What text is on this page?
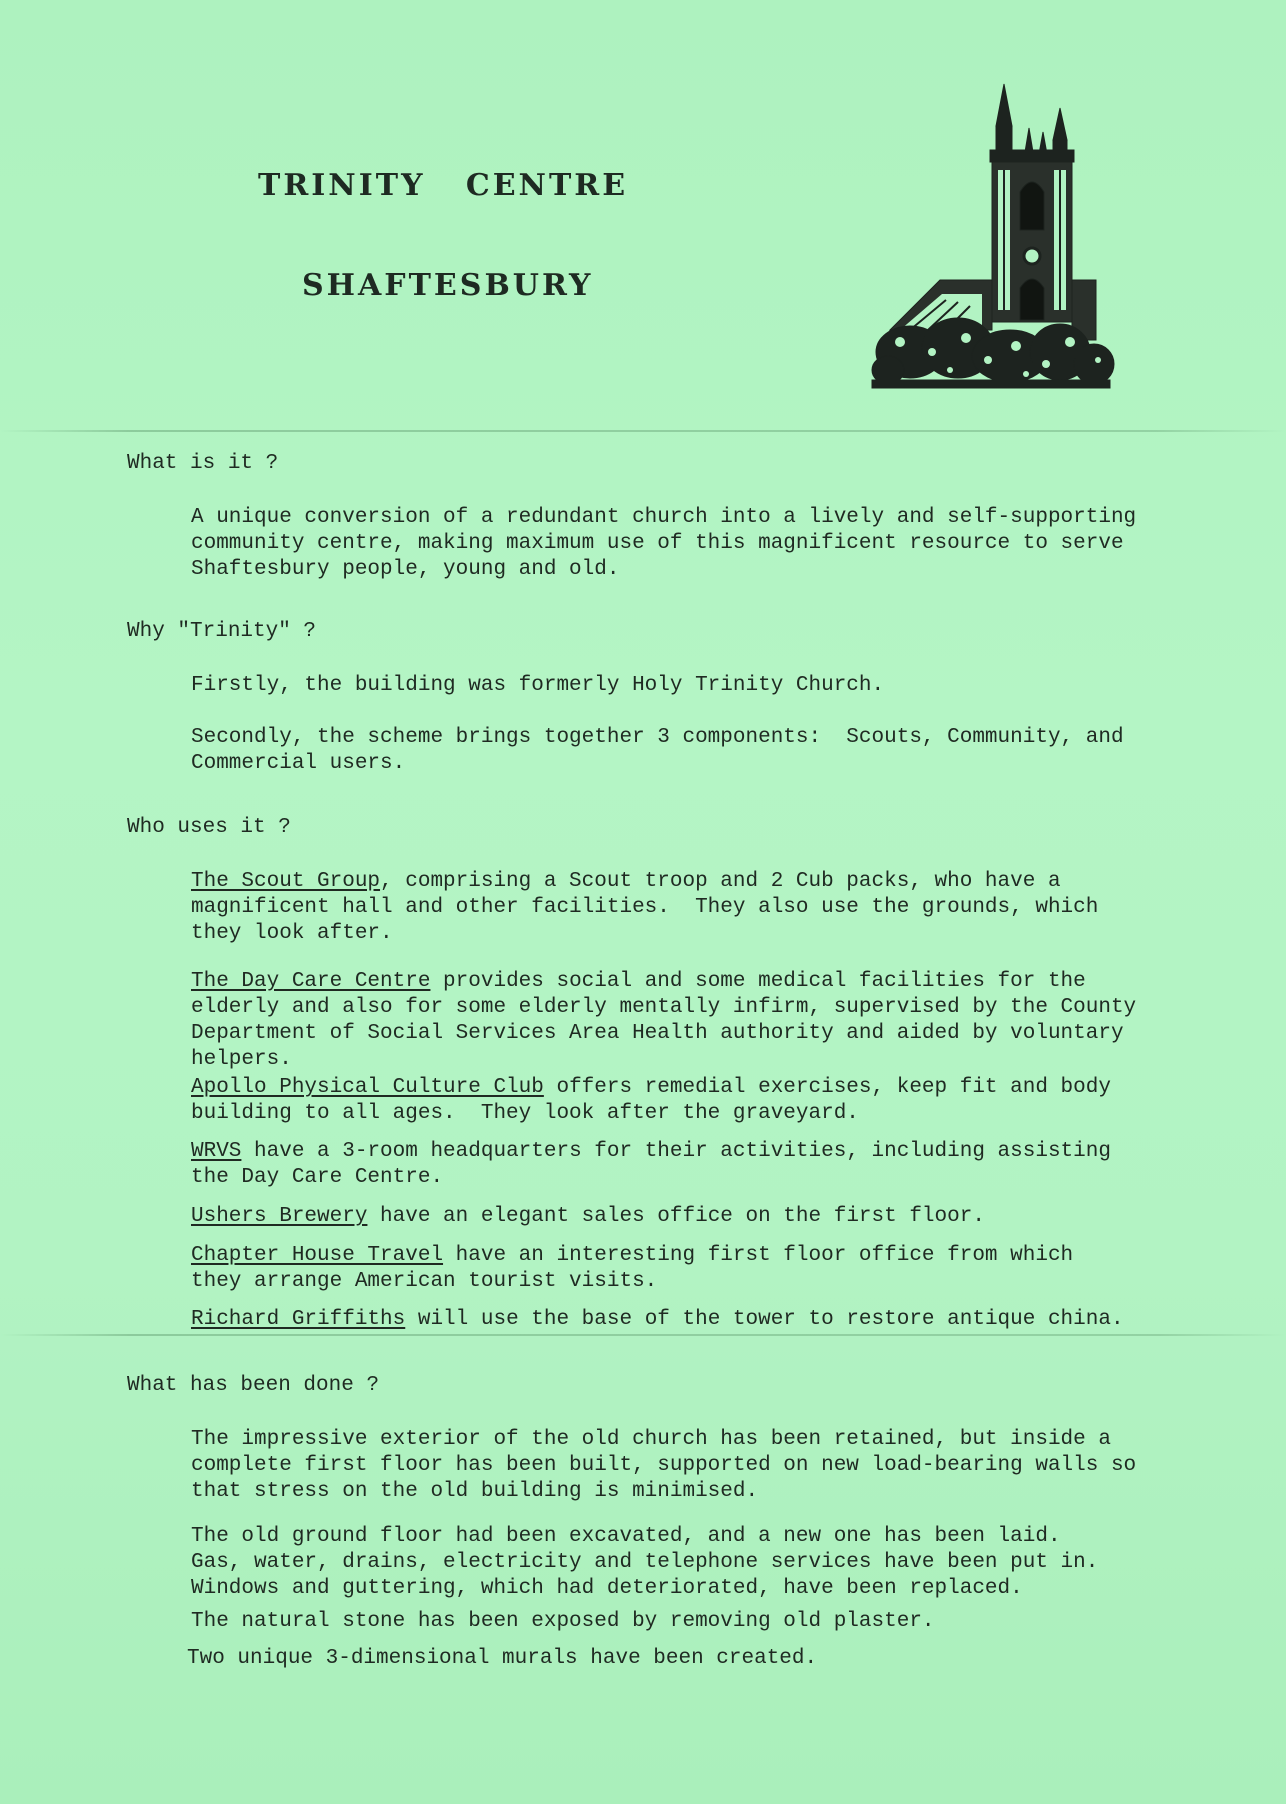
TRINITY   CENTRE
SHAFTESBURY
What is it ?
A unique conversion of a redundant church into a lively and self-supporting
community centre, making maximum use of this magnificent resource to serve
Shaftesbury people, young and old.
Why "Trinity" ?
Firstly, the building was formerly Holy Trinity Church.
Secondly, the scheme brings together 3 components:  Scouts, Community, and
Commercial users.
Who uses it ?
The Scout Group, comprising a Scout troop and 2 Cub packs, who have a
magnificent hall and other facilities.  They also use the grounds, which
they look after.
The Day Care Centre provides social and some medical facilities for the
elderly and also for some elderly mentally infirm, supervised by the County
Department of Social Services Area Health authority and aided by voluntary
helpers.
Apollo Physical Culture Club offers remedial exercises, keep fit and body
building to all ages.  They look after the graveyard.
WRVS have a 3-room headquarters for their activities, including assisting
the Day Care Centre.
Ushers Brewery have an elegant sales office on the first floor.
Chapter House Travel have an interesting first floor office from which
they arrange American tourist visits.
Richard Griffiths will use the base of the tower to restore antique china.
What has been done ?
The impressive exterior of the old church has been retained, but inside a
complete first floor has been built, supported on new load-bearing walls so
that stress on the old building is minimised.
The old ground floor had been excavated, and a new one has been laid.
Gas, water, drains, electricity and telephone services have been put in.
Windows and guttering, which had deteriorated, have been replaced.
The natural stone has been exposed by removing old plaster.
Two unique 3-dimensional murals have been created.
